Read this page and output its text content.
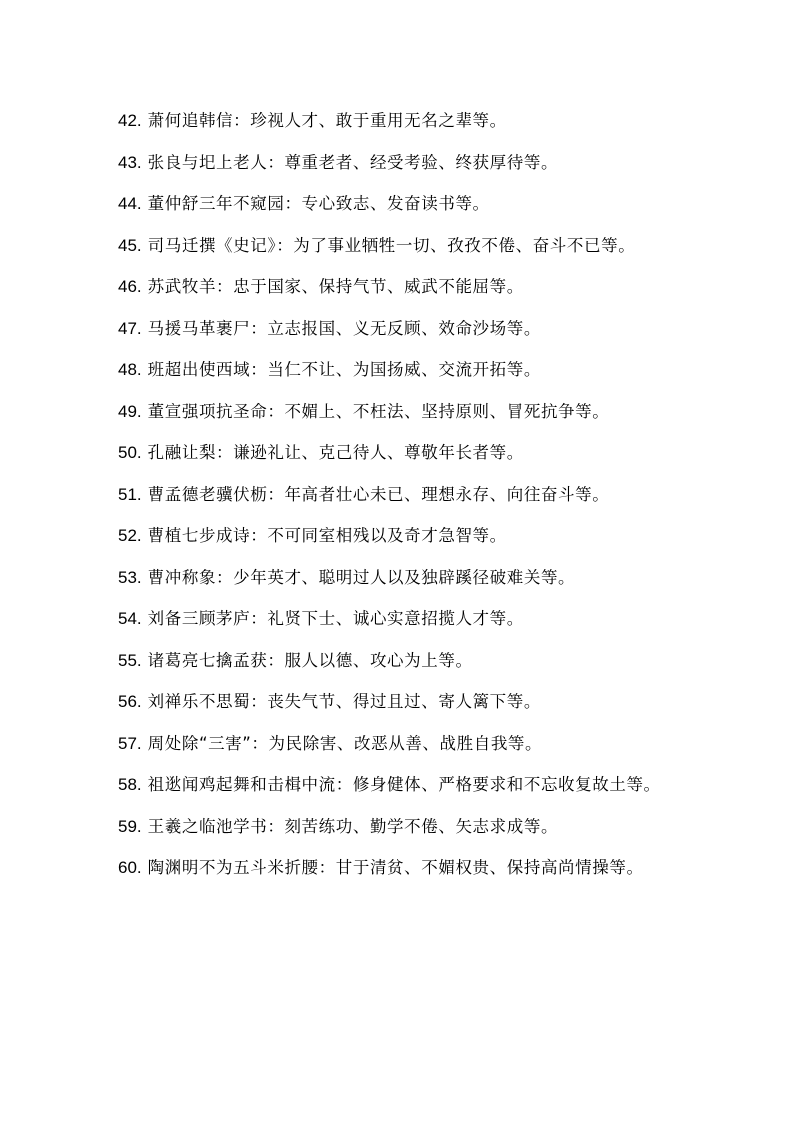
42. 萧何追韩信：珍视人才、敢于重用无名之辈等。
43. 张良与圯上老人：尊重老者、经受考验、终获厚待等。
44. 董仲舒三年不窥园：专心致志、发奋读书等。
45. 司马迁撰《史记》：为了事业牺牲一切、孜孜不倦、奋斗不已等。
46. 苏武牧羊：忠于国家、保持气节、威武不能屈等。
47. 马援马革裹尸：立志报国、义无反顾、效命沙场等。
48. 班超出使西域：当仁不让、为国扬威、交流开拓等。
49. 董宣强项抗圣命：不媚上、不枉法、坚持原则、冒死抗争等。
50. 孔融让梨：谦逊礼让、克己待人、尊敬年长者等。
51. 曹孟德老骥伏枥：年高者壮心未已、理想永存、向往奋斗等。
52. 曹植七步成诗：不可同室相残以及奇才急智等。
53. 曹冲称象：少年英才、聪明过人以及独辟蹊径破难关等。
54. 刘备三顾茅庐：礼贤下士、诚心实意招揽人才等。
55. 诸葛亮七擒孟获：服人以德、攻心为上等。
56. 刘禅乐不思蜀：丧失气节、得过且过、寄人篱下等。
57. 周处除“三害”：为民除害、改恶从善、战胜自我等。
58. 祖逖闻鸡起舞和击楫中流：修身健体、严格要求和不忘收复故土等。
59. 王羲之临池学书：刻苦练功、勤学不倦、矢志求成等。
60. 陶渊明不为五斗米折腰：甘于清贫、不媚权贵、保持高尚情操等。
